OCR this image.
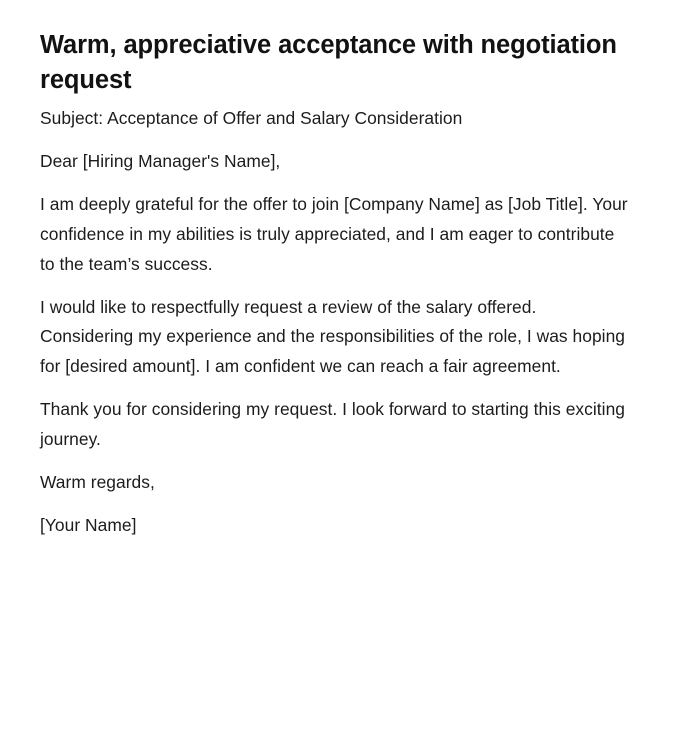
Warm, appreciative acceptance with negotiation request

Subject: Acceptance of Offer and Salary Consideration

Dear [Hiring Manager's Name],

I am deeply grateful for the offer to join [Company Name] as [Job Title]. Your confidence in my abilities is truly appreciated, and I am eager to contribute to the team’s success.

I would like to respectfully request a review of the salary offered. Considering my experience and the responsibilities of the role, I was hoping for [desired amount]. I am confident we can reach a fair agreement.

Thank you for considering my request. I look forward to starting this exciting journey.

Warm regards,

[Your Name]
